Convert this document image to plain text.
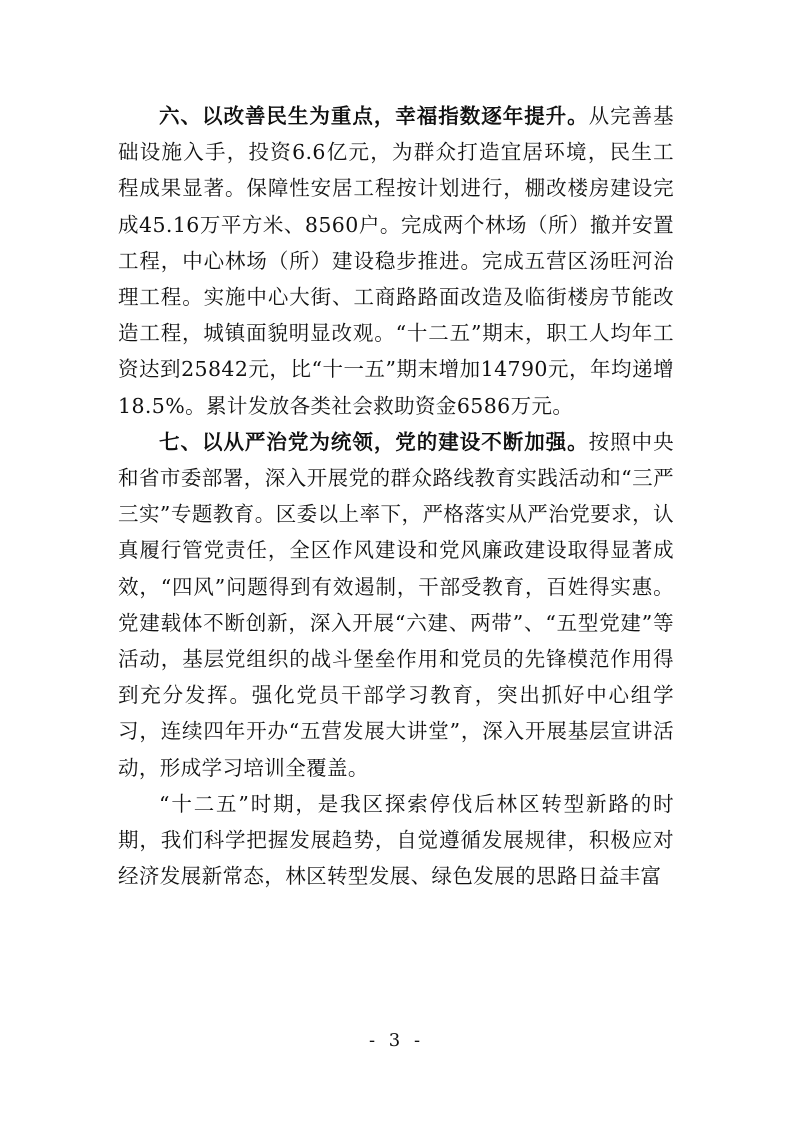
六、以改善民生为重点，幸福指数逐年提升。从完善基础设施入手，投资6.6亿元，为群众打造宜居环境，民生工程成果显著。保障性安居工程按计划进行，棚改楼房建设完成45.16万平方米、8560户。完成两个林场（所）撤并安置工程，中心林场（所）建设稳步推进。完成五营区汤旺河治理工程。实施中心大街、工商路路面改造及临街楼房节能改造工程，城镇面貌明显改观。“十二五”期末，职工人均年工资达到25842元，比“十一五”期末增加14790元，年均递增18.5%。累计发放各类社会救助资金6586万元。

七、以从严治党为统领，党的建设不断加强。按照中央和省市委部署，深入开展党的群众路线教育实践活动和“三严三实”专题教育。区委以上率下，严格落实从严治党要求，认真履行管党责任，全区作风建设和党风廉政建设取得显著成效，“四风”问题得到有效遏制，干部受教育，百姓得实惠。党建载体不断创新，深入开展“六建、两带”、“五型党建”等活动，基层党组织的战斗堡垒作用和党员的先锋模范作用得到充分发挥。强化党员干部学习教育，突出抓好中心组学习，连续四年开办“五营发展大讲堂”，深入开展基层宣讲活动，形成学习培训全覆盖。

“十二五”时期，是我区探索停伐后林区转型新路的时期，我们科学把握发展趋势，自觉遵循发展规律，积极应对经济发展新常态，林区转型发展、绿色发展的思路日益丰富

- 3 -
